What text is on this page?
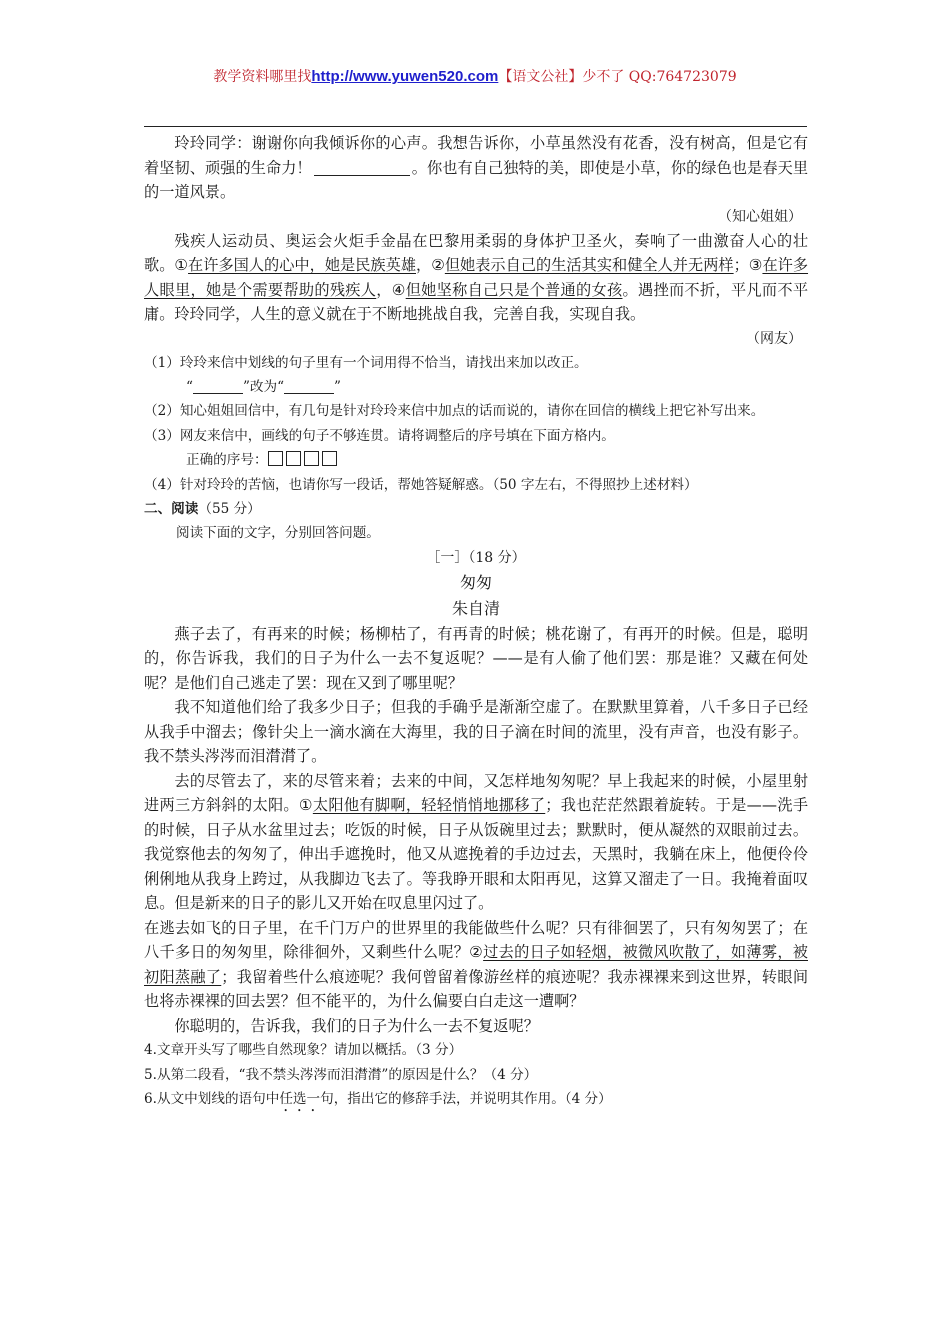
教学资料哪里找http://www.yuwen520.com【语文公社】少不了 QQ:764723079

玲玲同学：谢谢你向我倾诉你的心声。我想告诉你，小草虽然没有花香，没有树高，但是它有着坚韧、顽强的生命力！	。你也有自己独特的美，即使是小草，你的绿色也是春天里的一道风景。

（知心姐姐）

残疾人运动员、奥运会火炬手金晶在巴黎用柔弱的身体护卫圣火，奏响了一曲激奋人心的壮歌。①在许多国人的心中，她是民族英雄，②但她表示自己的生活其实和健全人并无两样；③在许多人眼里，她是个需要帮助的残疾人，④但她坚称自己只是个普通的女孩。遇挫而不折，平凡而不平庸。玲玲同学，人生的意义就在于不断地挑战自我，完善自我，实现自我。

（网友）

（1）玲玲来信中划线的句子里有一个词用得不恰当，请找出来加以改正。

“	”改为“	”

（2）知心姐姐回信中，有几句是针对玲玲来信中加点的话而说的，请你在回信的横线上把它补写出来。

（3）网友来信中，画线的句子不够连贯。请将调整后的序号填在下面方格内。

正确的序号：

（4）针对玲玲的苦恼，也请你写一段话，帮她答疑解惑。（50 字左右，不得照抄上述材料）

二、阅读（55 分）

阅读下面的文字，分别回答问题。

［一］（18 分）

匆匆

朱自清

燕子去了，有再来的时候；杨柳枯了，有再青的时候；桃花谢了，有再开的时候。但是，聪明的，你告诉我，我们的日子为什么一去不复返呢？——是有人偷了他们罢：那是谁？又藏在何处呢？是他们自己逃走了罢：现在又到了哪里呢？

我不知道他们给了我多少日子；但我的手确乎是渐渐空虚了。在默默里算着，八千多日子已经从我手中溜去；像针尖上一滴水滴在大海里，我的日子滴在时间的流里，没有声音，也没有影子。我不禁头涔涔而泪潸潸了。

去的尽管去了，来的尽管来着；去来的中间，又怎样地匆匆呢？早上我起来的时候，小屋里射进两三方斜斜的太阳。①太阳他有脚啊，轻轻悄悄地挪移了；我也茫茫然跟着旋转。于是——洗手的时候，日子从水盆里过去；吃饭的时候，日子从饭碗里过去；默默时，便从凝然的双眼前过去。我觉察他去的匆匆了，伸出手遮挽时，他又从遮挽着的手边过去，天黑时，我躺在床上，他便伶伶俐俐地从我身上跨过，从我脚边飞去了。等我睁开眼和太阳再见，这算又溜走了一日。我掩着面叹息。但是新来的日子的影儿又开始在叹息里闪过了。

在逃去如飞的日子里，在千门万户的世界里的我能做些什么呢？只有徘徊罢了，只有匆匆罢了；在八千多日的匆匆里，除徘徊外，又剩些什么呢？②过去的日子如轻烟，被微风吹散了，如薄雾，被初阳蒸融了；我留着些什么痕迹呢？我何曾留着像游丝样的痕迹呢？我赤裸裸来到这世界，转眼间也将赤裸裸的回去罢？但不能平的，为什么偏要白白走这一遭啊？

你聪明的，告诉我，我们的日子为什么一去不复返呢？

4.文章开头写了哪些自然现象？请加以概括。（3 分）

5.从第二段看，“我不禁头涔涔而泪潸潸”的原因是什么？（4 分）

6.从文中划线的语句中任选一句，指出它的修辞手法，并说明其作用。（4 分）
